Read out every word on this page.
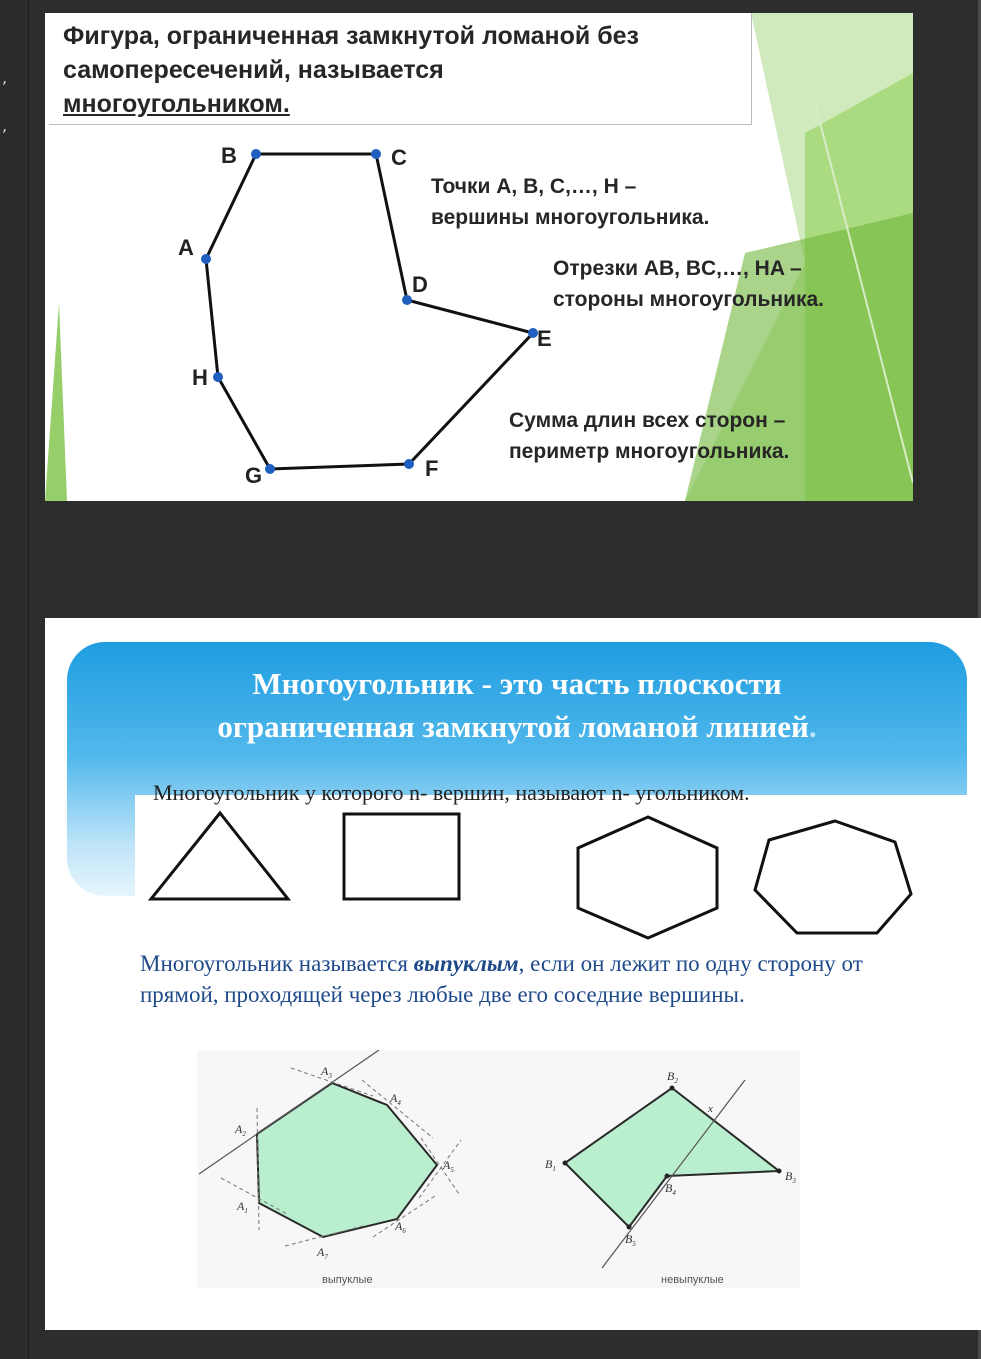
,
,
Фигура, ограниченная замкнутой ломаной без
самопересечений, называется
многоугольником.
A
B	C
D
E
F
G
H
Точки A, B, C,…, H –
вершины многоугольника.
Отрезки AB, BC,…, HA –
стороны многоугольника.
Сумма длин всех сторон –
периметр многоугольника.
Многоугольник - это часть плоскости
ограниченная замкнутой ломаной линией.
Многоугольник у которого n- вершин, называют n- угольником.
Многоугольник называется выпуклым, если он лежит по одну сторону от прямой, проходящей через любые две его соседние вершины.
$A_1$
$A_2$
$A_3$
$A_4$
$A_5$
$A_6$
$A_7$
$B_1$
$B_2$
$B_3$
$B_4$
$B_5$
x
выпуклые	невыпуклые
